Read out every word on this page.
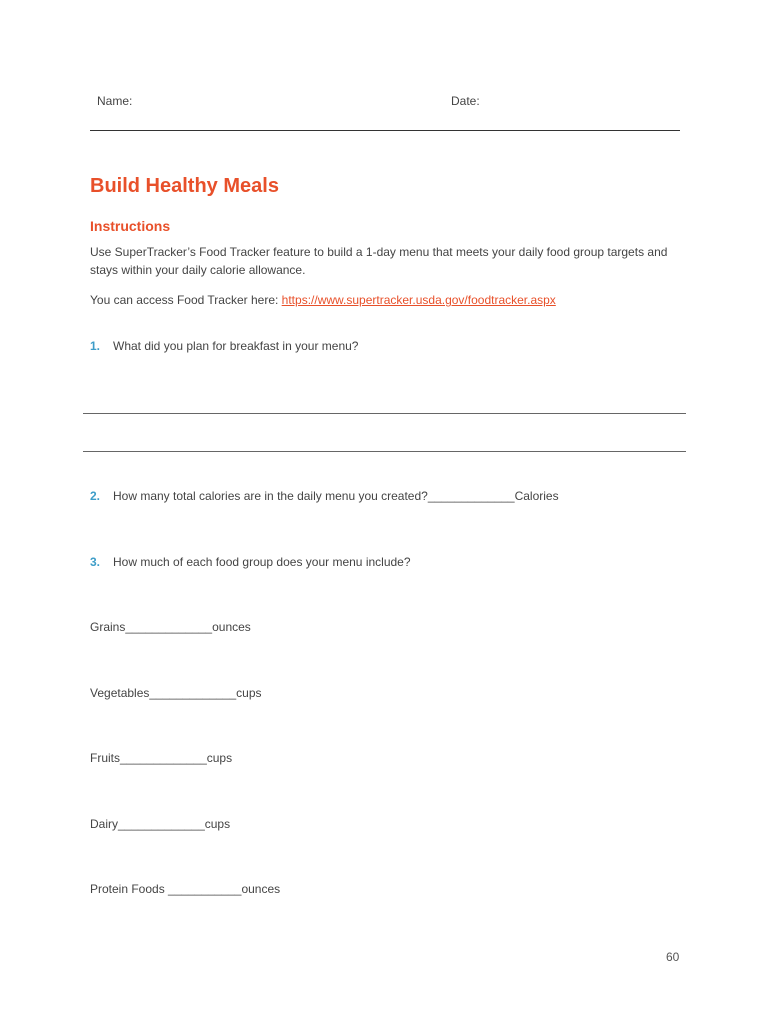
Name:	Date:
Build Healthy Meals
Instructions
Use SuperTracker’s Food Tracker feature to build a 1-day menu that meets your daily food group targets and stays within your daily calorie allowance.
You can access Food Tracker here: https://www.supertracker.usda.gov/foodtracker.aspx
1. What did you plan for breakfast in your menu?
2. How many total calories are in the daily menu you created?_____________Calories
3. How much of each food group does your menu include?
Grains_____________ounces
Vegetables_____________cups
Fruits_____________cups
Dairy_____________cups
Protein Foods ___________ounces
60
